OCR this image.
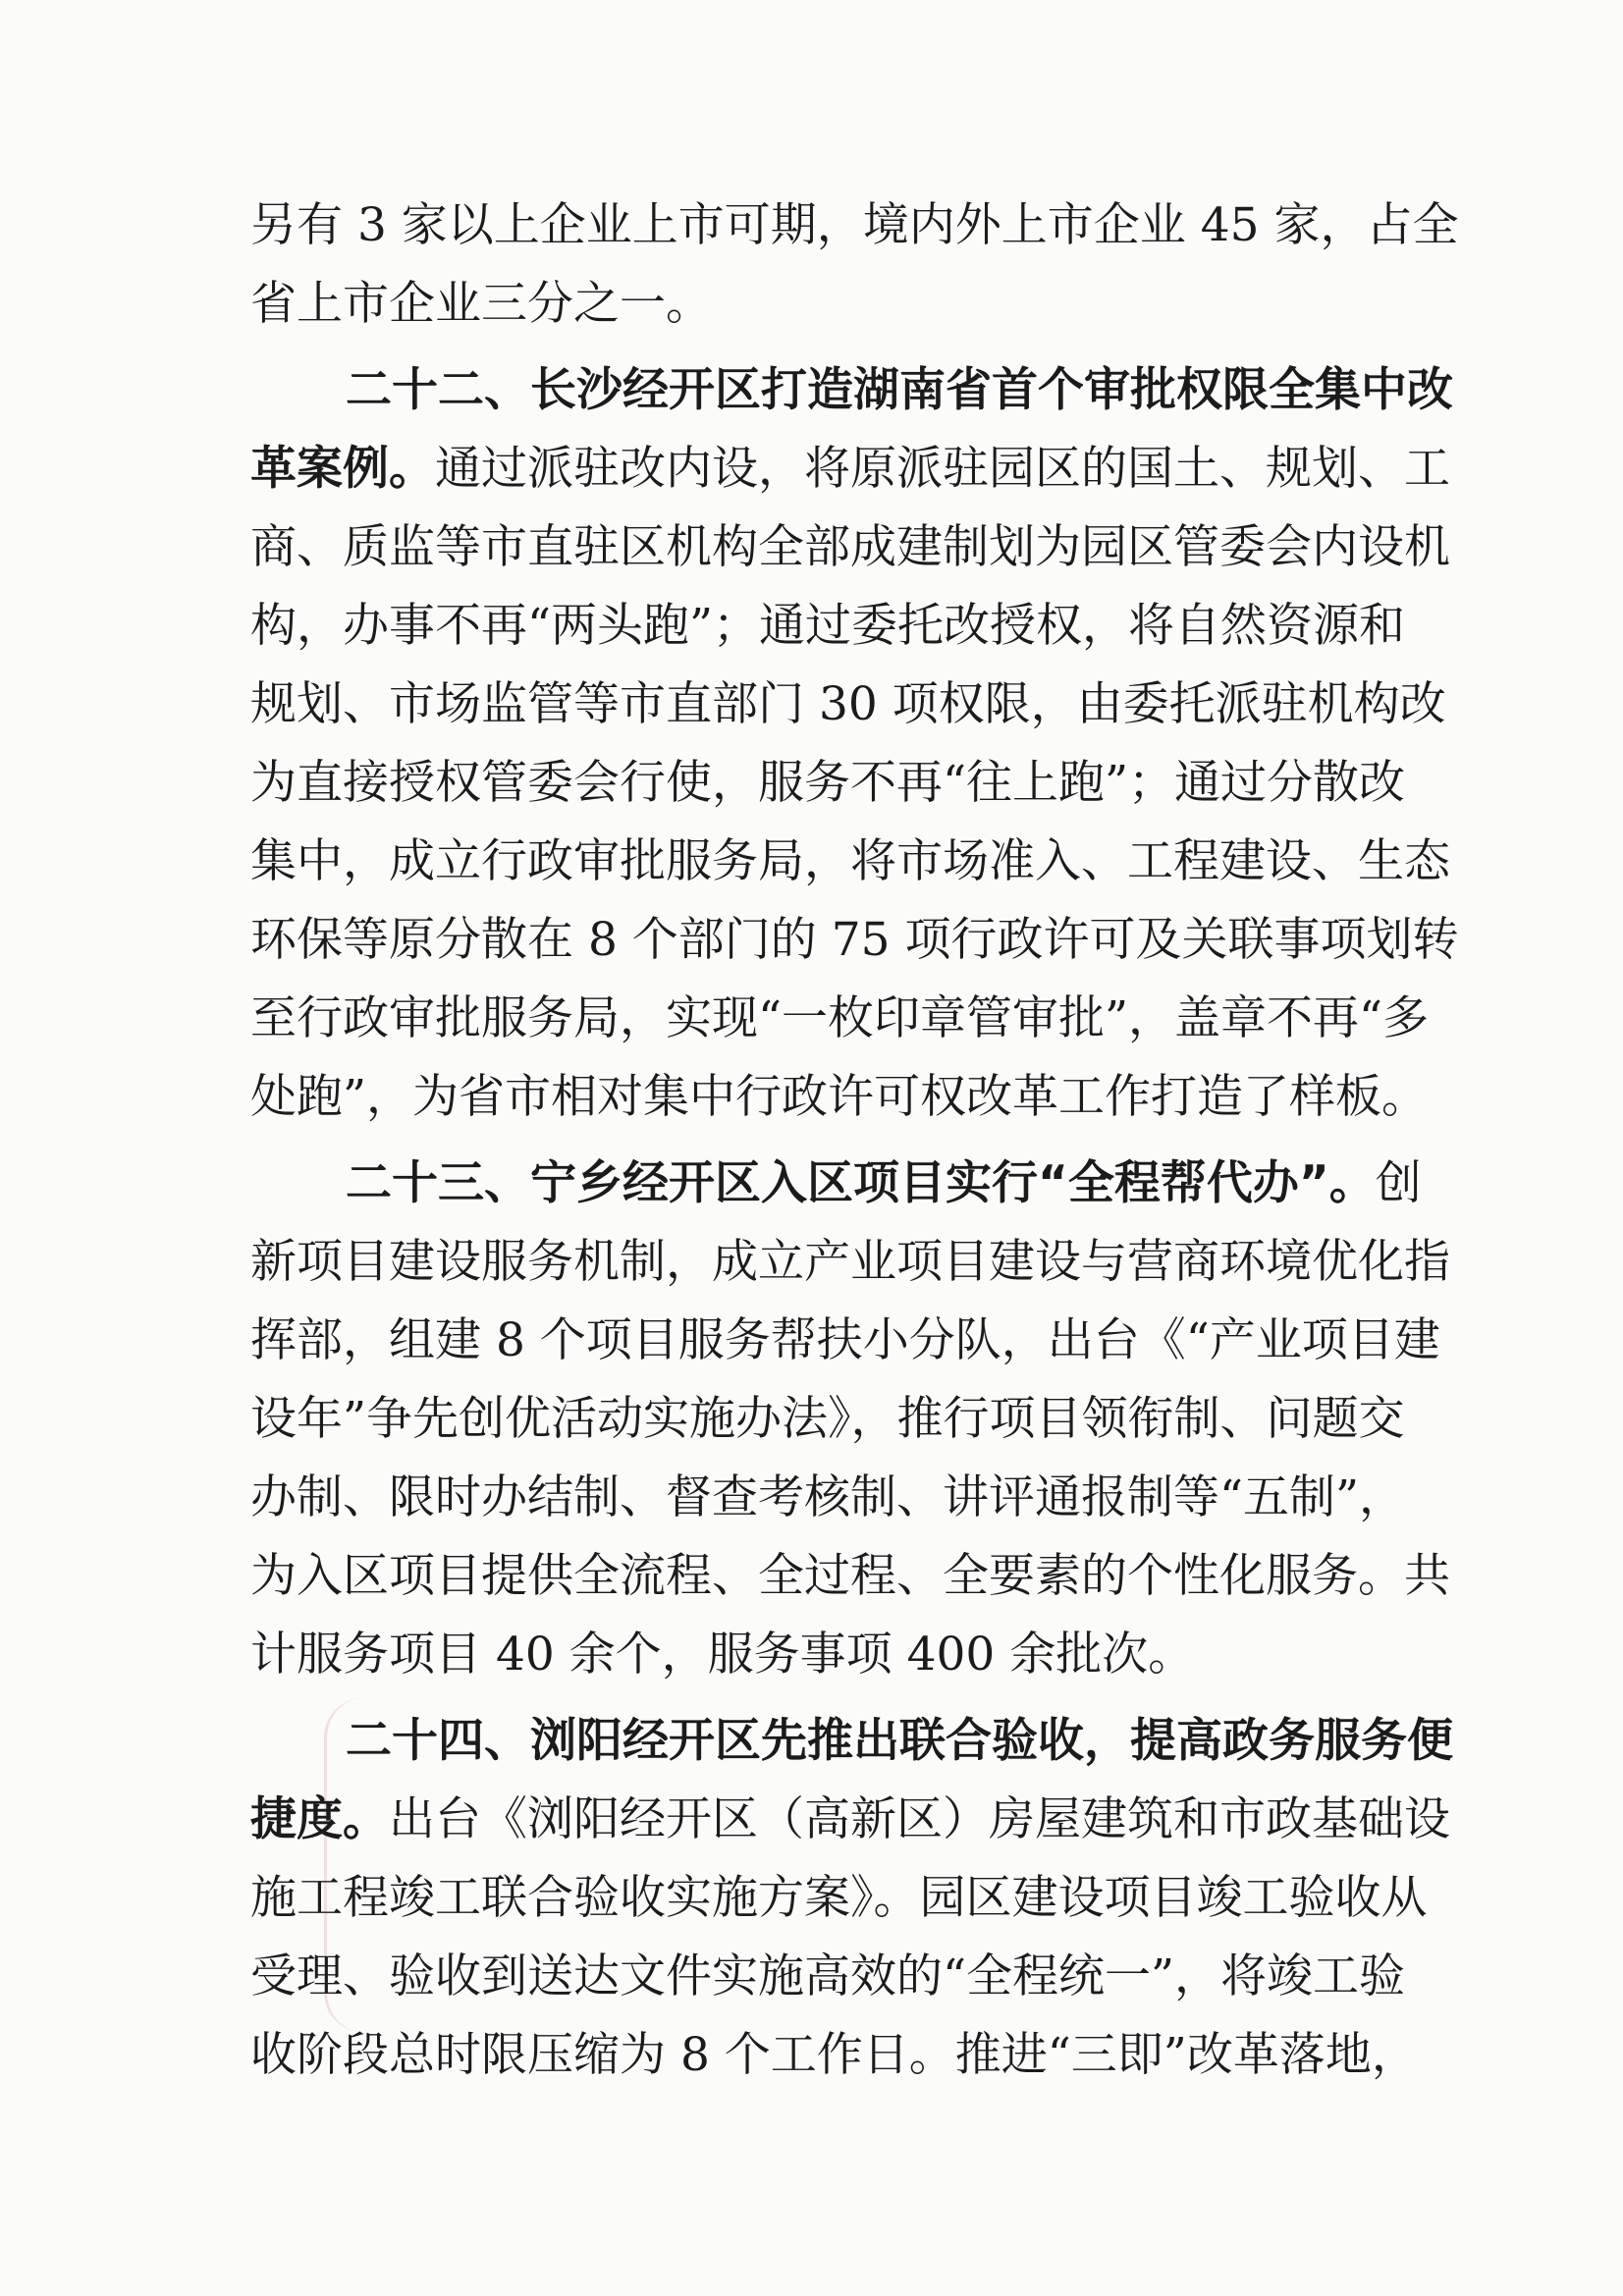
另有 3 家以上企业上市可期，境内外上市企业 45 家，占全
省上市企业三分之一。
二十二、长沙经开区打造湖南省首个审批权限全集中改
革案例。通过派驻改内设，将原派驻园区的国土、规划、工
商、质监等市直驻区机构全部成建制划为园区管委会内设机
构，办事不再“两头跑”；通过委托改授权，将自然资源和
规划、市场监管等市直部门 30 项权限，由委托派驻机构改
为直接授权管委会行使，服务不再“往上跑”；通过分散改
集中，成立行政审批服务局，将市场准入、工程建设、生态
环保等原分散在 8 个部门的 75 项行政许可及关联事项划转
至行政审批服务局，实现“一枚印章管审批”，盖章不再“多
处跑”，为省市相对集中行政许可权改革工作打造了样板。
二十三、宁乡经开区入区项目实行“全程帮代办”。创
新项目建设服务机制，成立产业项目建设与营商环境优化指
挥部，组建 8 个项目服务帮扶小分队，出台《“产业项目建
设年”争先创优活动实施办法》，推行项目领衔制、问题交
办制、限时办结制、督查考核制、讲评通报制等“五制”，
为入区项目提供全流程、全过程、全要素的个性化服务。共
计服务项目 40 余个，服务事项 400 余批次。
二十四、浏阳经开区先推出联合验收，提高政务服务便
捷度。出台《浏阳经开区（高新区）房屋建筑和市政基础设
施工程竣工联合验收实施方案》。园区建设项目竣工验收从
受理、验收到送达文件实施高效的“全程统一”，将竣工验
收阶段总时限压缩为 8 个工作日。推进“三即”改革落地，
